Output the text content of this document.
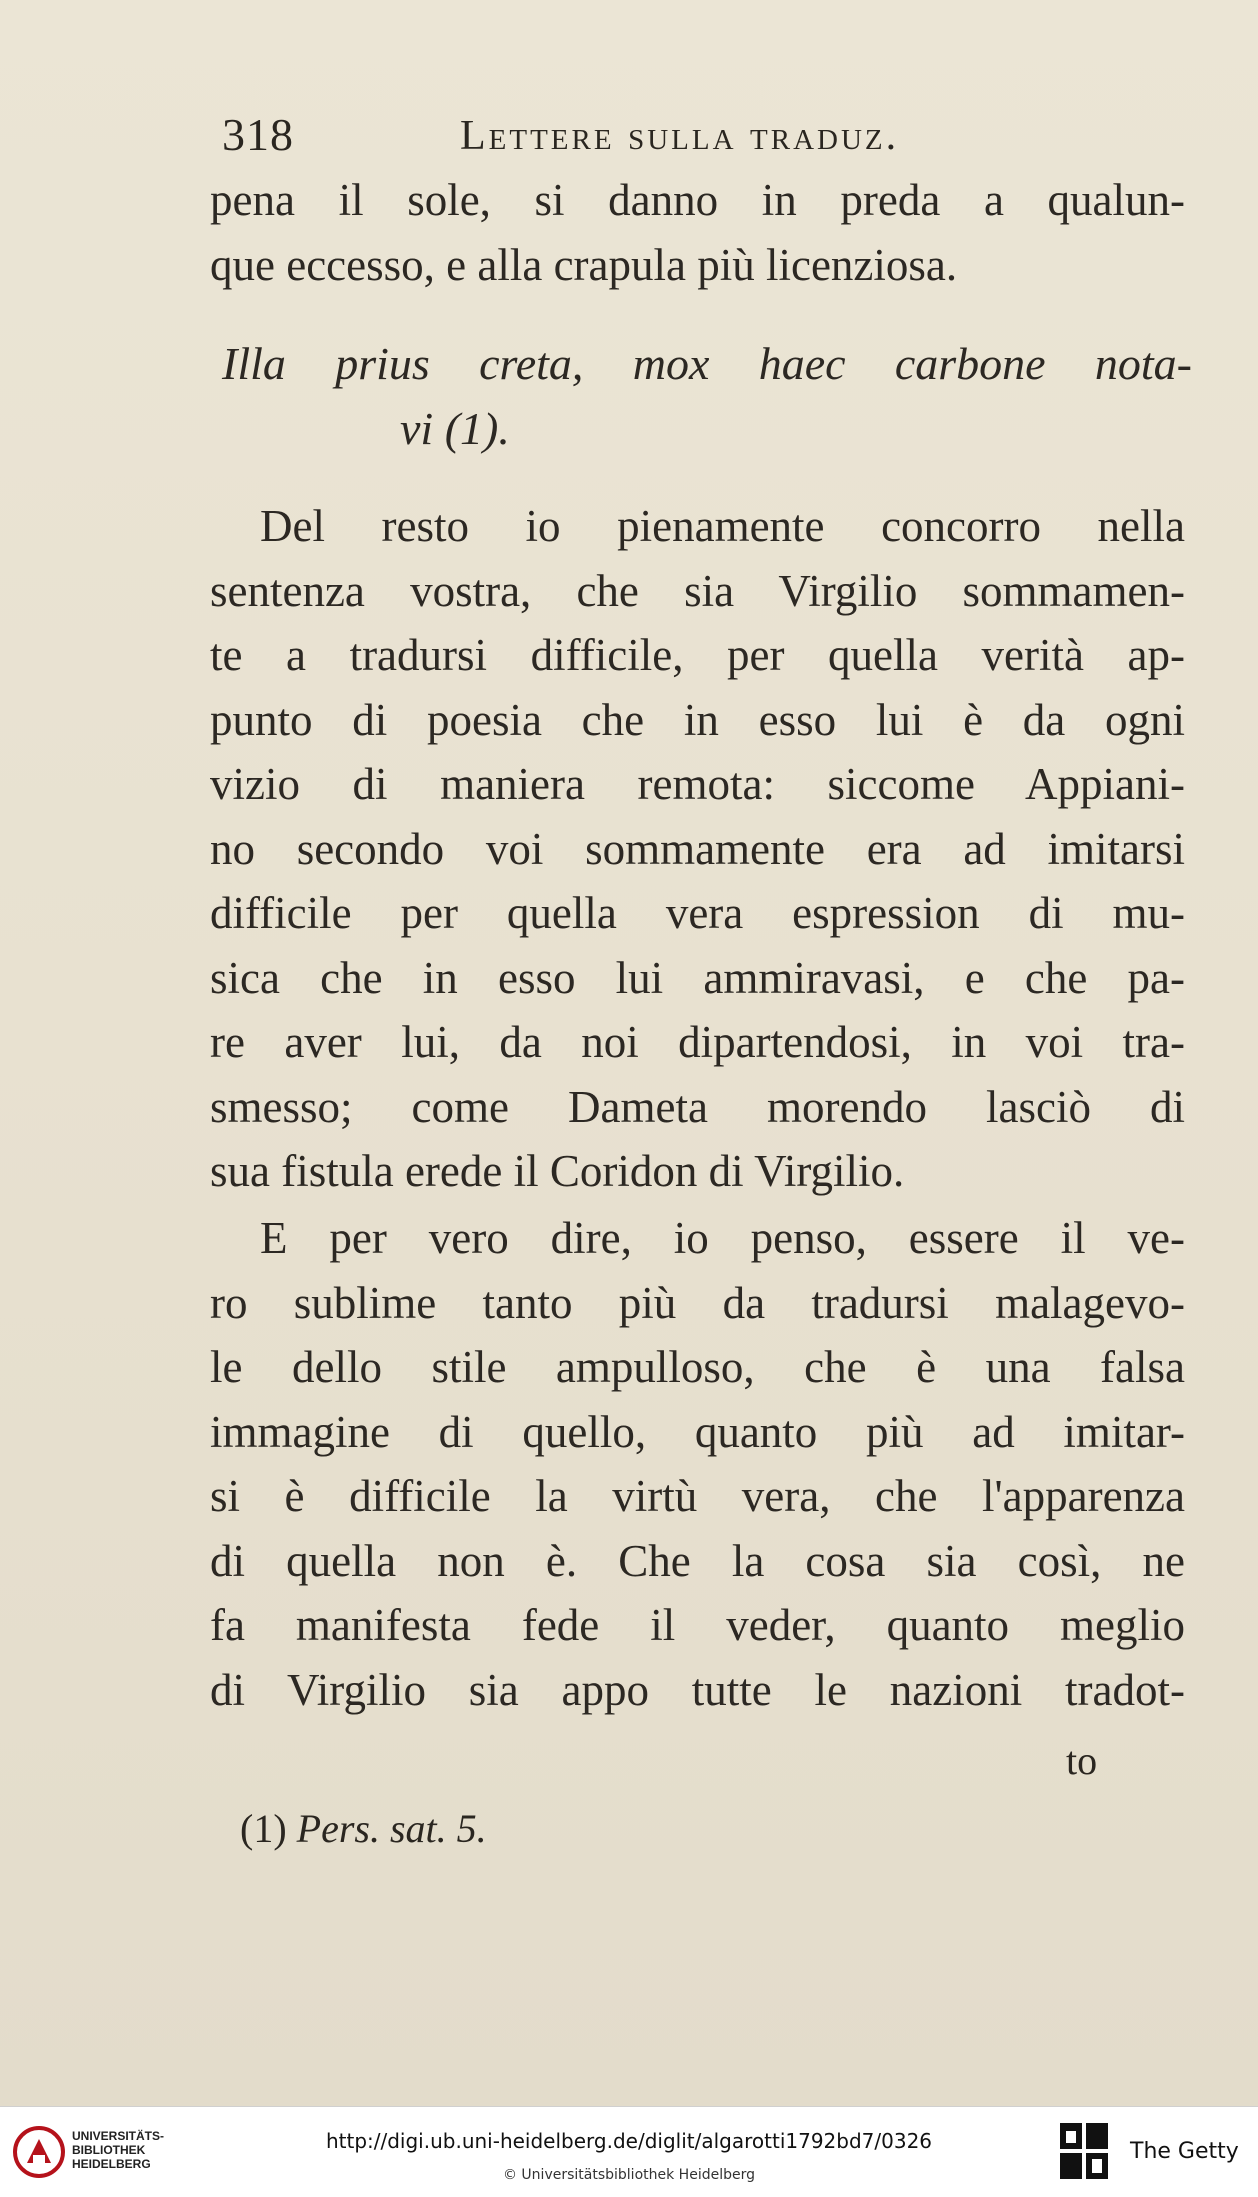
318	Lettere sulla traduz.
pena il sole, si danno in preda a qualun-
que eccesso, e alla crapula più licenziosa.
Illa prius creta, mox haec carbone nota-
vi (1).
Del resto io pienamente concorro nella
sentenza vostra, che sia Virgilio sommamen-
te a tradursi difficile, per quella verità ap-
punto di poesia che in esso lui è da ogni
vizio di maniera remota: siccome Appiani-
no secondo voi sommamente era ad imitarsi
difficile per quella vera espression di mu-
sica che in esso lui ammiravasi, e che pa-
re aver lui, da noi dipartendosi, in voi tra-
smesso; come Dameta morendo lasciò di
sua fistula erede il Coridon di Virgilio.
E per vero dire, io penso, essere il ve-
ro sublime tanto più da tradursi malagevo-
le dello stile ampulloso, che è una falsa
immagine di quello, quanto più ad imitar-
si è difficile la virtù vera, che l'apparenza
di quella non è. Che la cosa sia così, ne
fa manifesta fede il veder, quanto meglio
di Virgilio sia appo tutte le nazioni tradot-
to
(1) Pers. sat. 5.
UNIVERSITÄTS-
BIBLIOTHEK
HEIDELBERG
http://digi.ub.uni-heidelberg.de/diglit/algarotti1792bd7/0326
© Universitätsbibliothek Heidelberg
The Getty
